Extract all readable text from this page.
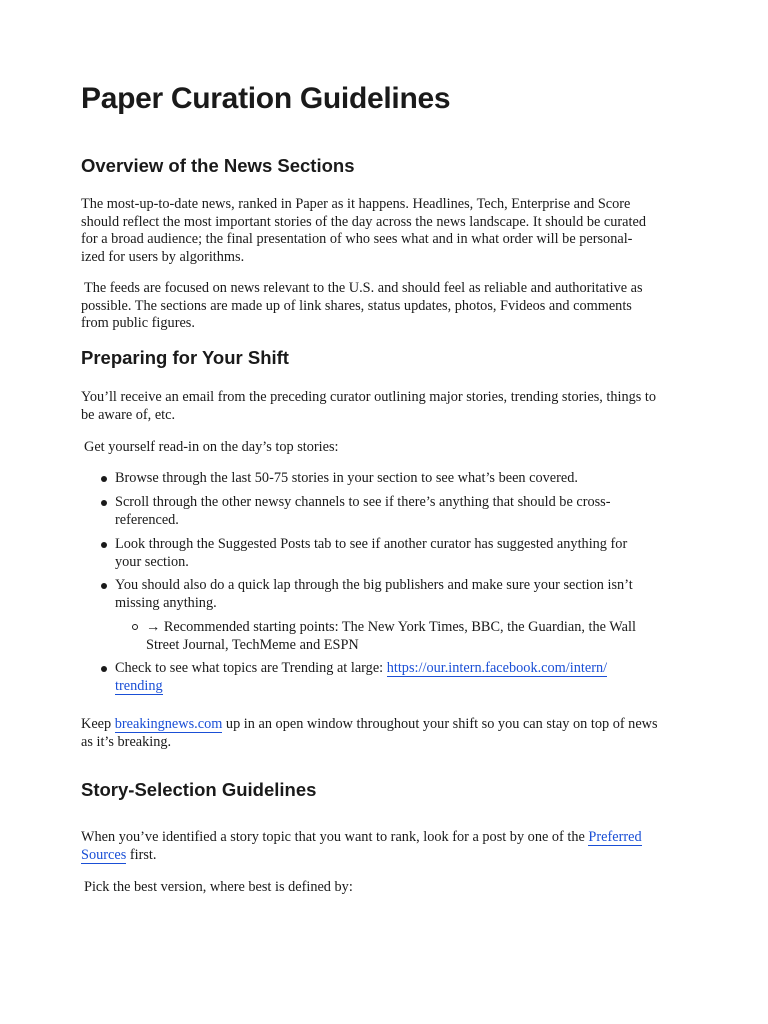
Paper Curation Guidelines
Overview of the News Sections

The most-up-to-date news, ranked in Paper as it happens. Headlines, Tech, Enterprise and Score
should reflect the most important stories of the day across the news landscape. It should be curated
for a broad audience; the final presentation of who sees what and in what order will be personal-
ized for users by algorithms.

The feeds are focused on news relevant to the U.S. and should feel as reliable and authoritative as
possible. The sections are made up of link shares, status updates, photos, Fvideos and comments
from public figures.

Preparing for Your Shift

You’ll receive an email from the preceding curator outlining major stories, trending stories, things to
be aware of, etc.

Get yourself read-in on the day’s top stories:

Browse through the last 50-75 stories in your section to see what’s been covered.
Scroll through the other newsy channels to see if there’s anything that should be cross-
referenced.
Look through the Suggested Posts tab to see if another curator has suggested anything for
your section.
You should also do a quick lap through the big publishers and make sure your section isn’t
missing anything.
→ Recommended starting points: The New York Times, BBC, the Guardian, the Wall
Street Journal, TechMeme and ESPN
Check to see what topics are Trending at large: https://our.intern.facebook.com/intern/
trending

Keep breakingnews.com up in an open window throughout your shift so you can stay on top of news
as it’s breaking.

Story-Selection Guidelines

When you’ve identified a story topic that you want to rank, look for a post by one of the Preferred
Sources first.

Pick the best version, where best is defined by:
